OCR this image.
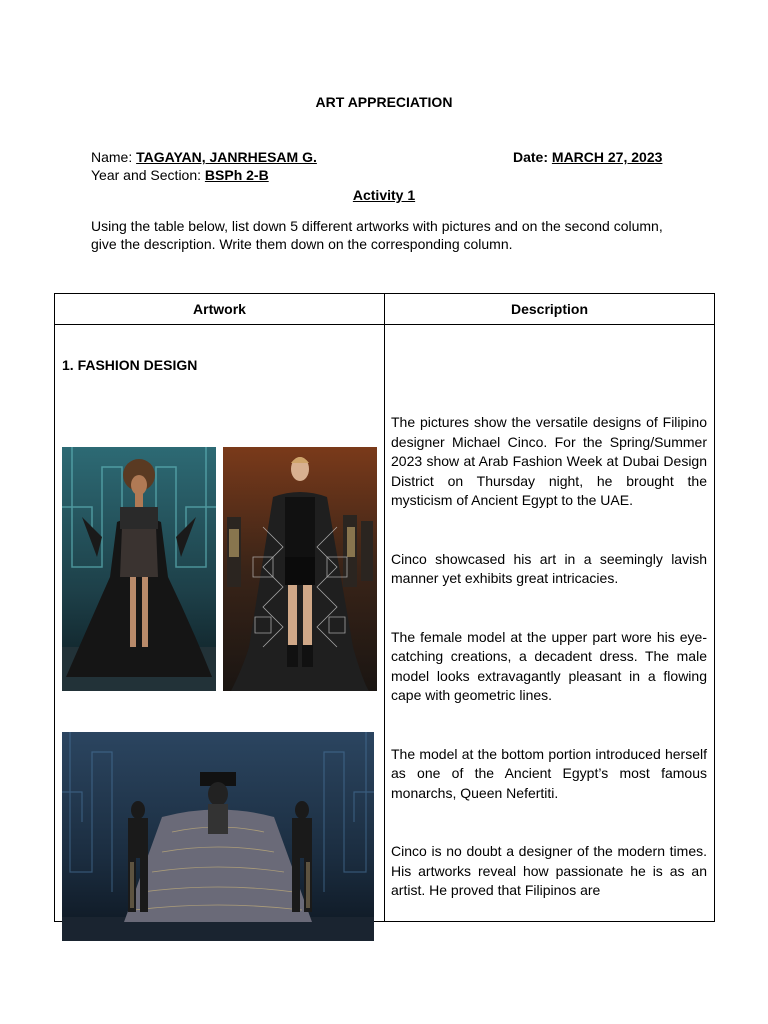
ART APPRECIATION
Name: TAGAYAN, JANRHESAM G.	Date: MARCH 27, 2023
Year and Section: BSPh 2-B
Activity 1
Using the table below, list down 5 different artworks with pictures and on the second column, give the description. Write them down on the corresponding column.
Artwork	Description

1. FASHION DESIGN	The pictures show the versatile designs of Filipino designer Michael Cinco. For the Spring/Summer 2023 show at Arab Fashion Week at Dubai Design District on Thursday night, he brought the mysticism of Ancient Egypt to the UAE.

Cinco showcased his art in a seemingly lavish manner yet exhibits great intricacies.

The female model at the upper part wore his eye-catching creations, a decadent dress. The male model looks extravagantly pleasant in a flowing cape with geometric lines.

The model at the bottom portion introduced herself as one of the Ancient Egypt’s most famous monarchs, Queen Nefertiti.

Cinco is no doubt a designer of the modern times. His artworks reveal how passionate he is as an artist. He proved that Filipinos are
